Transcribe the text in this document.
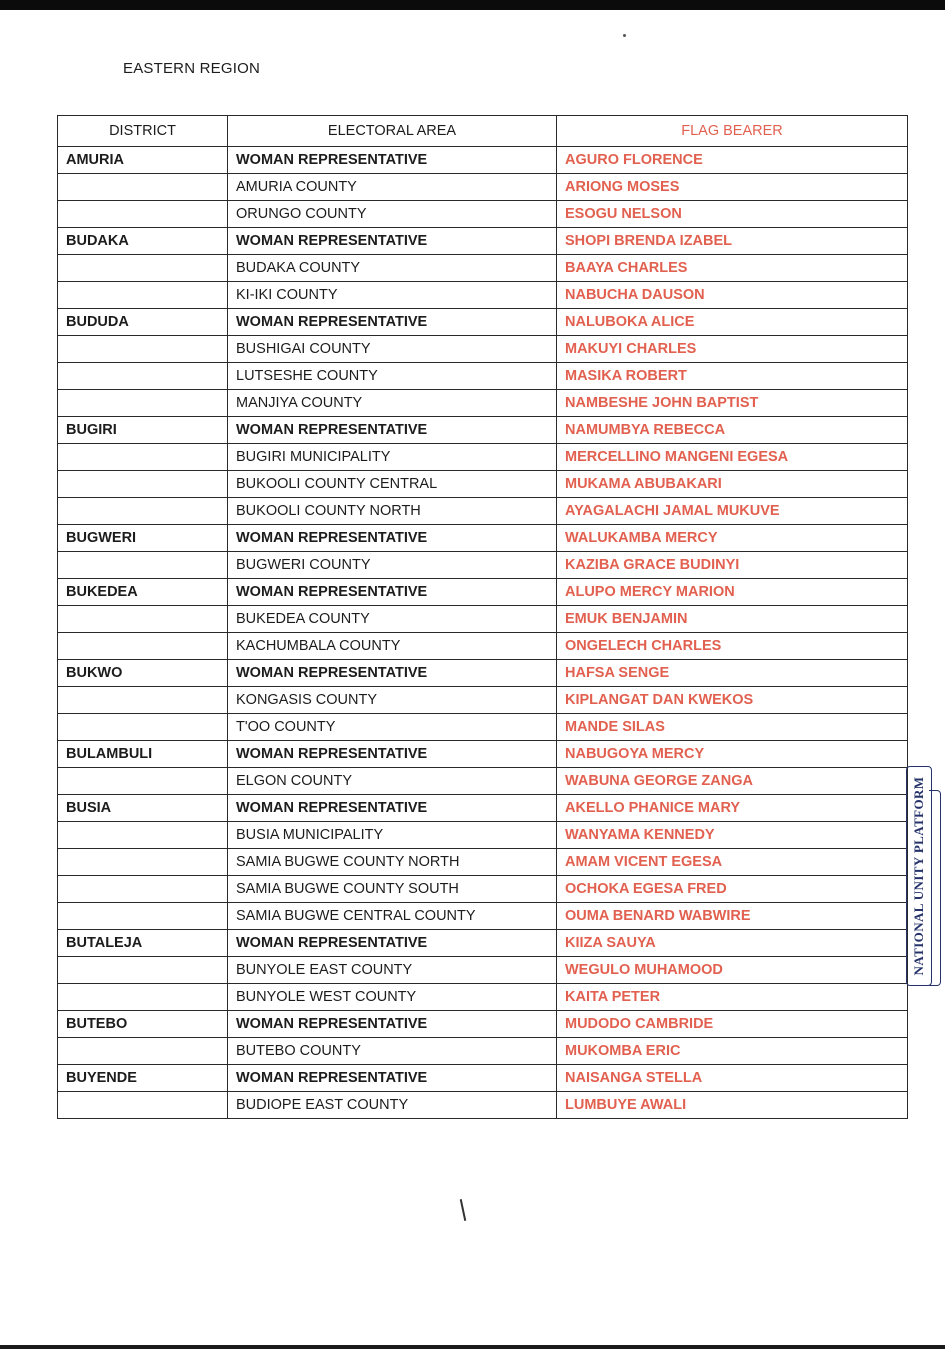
EASTERN REGION
DISTRICT	ELECTORAL AREA	FLAG BEARER
AMURIA	WOMAN REPRESENTATIVE	AGURO FLORENCE
	AMURIA COUNTY	ARIONG MOSES
	ORUNGO COUNTY	ESOGU NELSON
BUDAKA	WOMAN REPRESENTATIVE	SHOPI BRENDA IZABEL
	BUDAKA COUNTY	BAAYA CHARLES
	KI-IKI COUNTY	NABUCHA DAUSON
BUDUDA	WOMAN REPRESENTATIVE	NALUBOKA ALICE
	BUSHIGAI COUNTY	MAKUYI CHARLES
	LUTSESHE COUNTY	MASIKA ROBERT
	MANJIYA COUNTY	NAMBESHE JOHN BAPTIST
BUGIRI	WOMAN REPRESENTATIVE	NAMUMBYA REBECCA
	BUGIRI MUNICIPALITY	MERCELLINO MANGENI EGESA
	BUKOOLI COUNTY CENTRAL	MUKAMA ABUBAKARI
	BUKOOLI COUNTY NORTH	AYAGALACHI JAMAL MUKUVE
BUGWERI	WOMAN REPRESENTATIVE	WALUKAMBA MERCY
	BUGWERI COUNTY	KAZIBA GRACE BUDINYI
BUKEDEA	WOMAN REPRESENTATIVE	ALUPO MERCY MARION
	BUKEDEA COUNTY	EMUK BENJAMIN
	KACHUMBALA COUNTY	ONGELECH CHARLES
BUKWO	WOMAN REPRESENTATIVE	HAFSA SENGE
	KONGASIS COUNTY	KIPLANGAT DAN KWEKOS
	T'OO COUNTY	MANDE SILAS
BULAMBULI	WOMAN REPRESENTATIVE	NABUGOYA MERCY
	ELGON COUNTY	WABUNA GEORGE ZANGA
BUSIA	WOMAN REPRESENTATIVE	AKELLO PHANICE MARY
	BUSIA MUNICIPALITY	WANYAMA KENNEDY
	SAMIA BUGWE COUNTY NORTH	AMAM VICENT EGESA
	SAMIA BUGWE COUNTY SOUTH	OCHOKA EGESA FRED
	SAMIA BUGWE CENTRAL COUNTY	OUMA BENARD WABWIRE
BUTALEJA	WOMAN REPRESENTATIVE	KIIZA SAUYA
	BUNYOLE EAST COUNTY	WEGULO MUHAMOOD
	BUNYOLE WEST COUNTY	KAITA PETER
BUTEBO	WOMAN REPRESENTATIVE	MUDODO CAMBRIDE
	BUTEBO COUNTY	MUKOMBA ERIC
BUYENDE	WOMAN REPRESENTATIVE	NAISANGA STELLA
	BUDIOPE EAST COUNTY	LUMBUYE AWALI
NATIONAL UNITY PLATFORM
